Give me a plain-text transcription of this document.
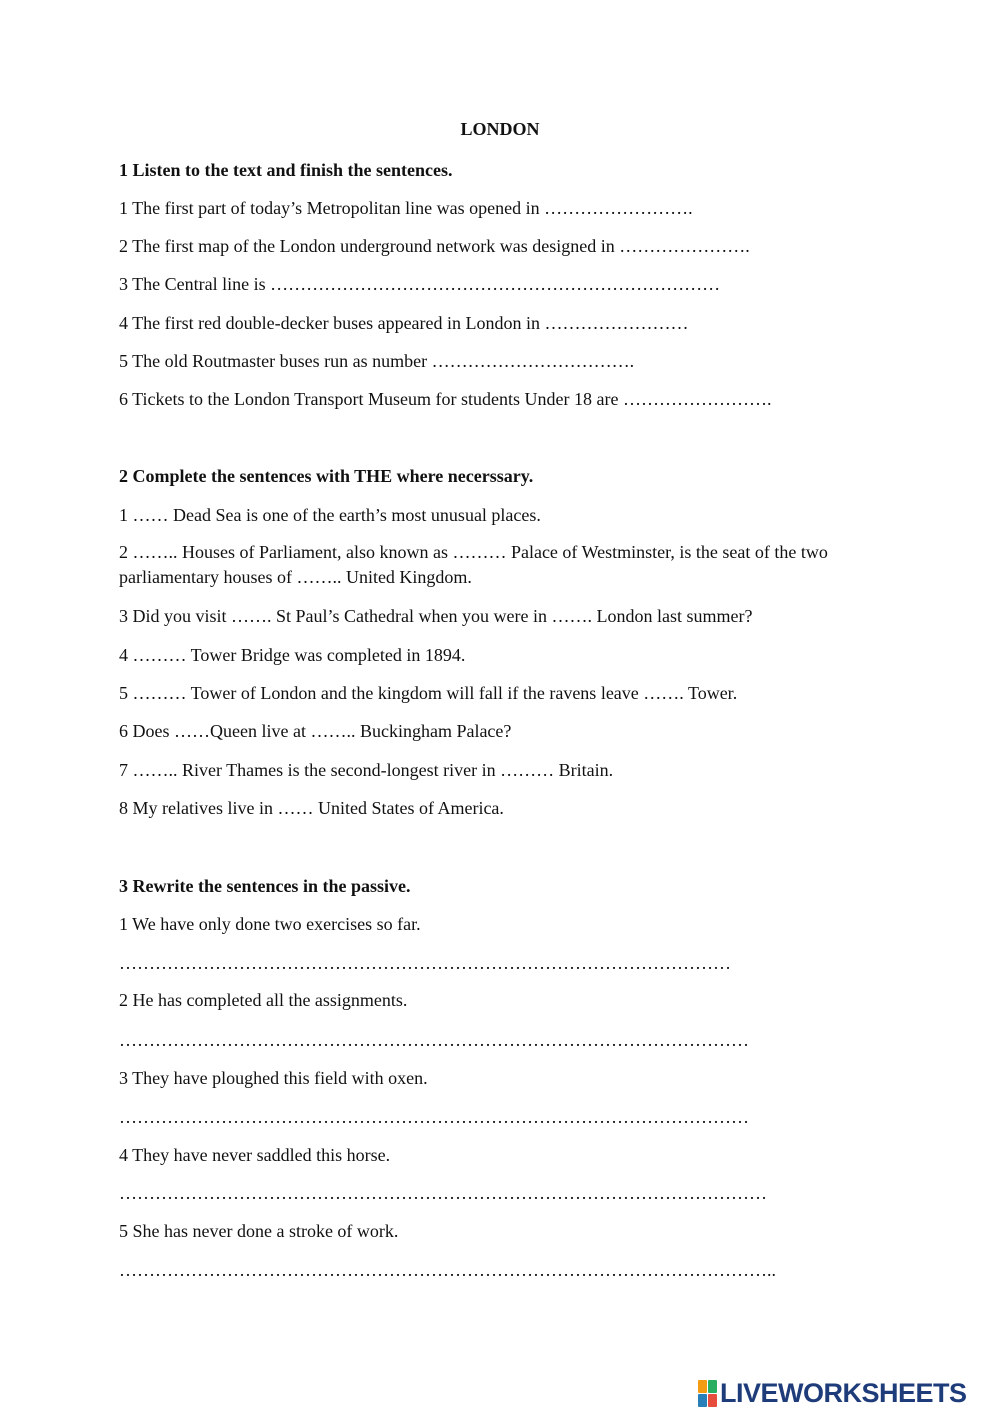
LONDON
1 Listen to the text and finish the sentences.
1 The first part of today’s Metropolitan line was opened in …………………….
2 The first map of the London underground network was designed in ………………….
3 The Central line is …………………………………………………………………
4 The first red double-decker buses appeared in London in ……………………
5 The old Routmaster buses run as number …………………………….
6 Tickets to the London Transport Museum for students Under 18 are …………………….
2 Complete the sentences with THE where necerssary.
1 …… Dead Sea is one of the earth’s most unusual places.
2 …….. Houses of Parliament, also known as ……… Palace of Westminster, is the seat of the two parliamentary houses of …….. United Kingdom.
3 Did you visit ……. St Paul’s Cathedral when you were in ……. London last summer?
4 ……… Tower Bridge was completed in 1894.
5 ……… Tower of London and the kingdom will fall if the ravens leave ……. Tower.
6 Does ……Queen live at …….. Buckingham Palace?
7 …….. River Thames is the second-longest river in ……… Britain.
8 My relatives live in …… United States of America.
3 Rewrite the sentences in the passive.
1 We have only done two exercises so far.
…………………………………………………………………………………………
2 He has completed all the assignments.
……………………………………………………………………………………………
3 They have ploughed this field with oxen.
……………………………………………………………………………………………
4 They have never saddled this horse.
………………………………………………………………………………………………
5 She has never done a stroke of work.
………………………………………………………………………………………………..
LIVEWORKSHEETS
